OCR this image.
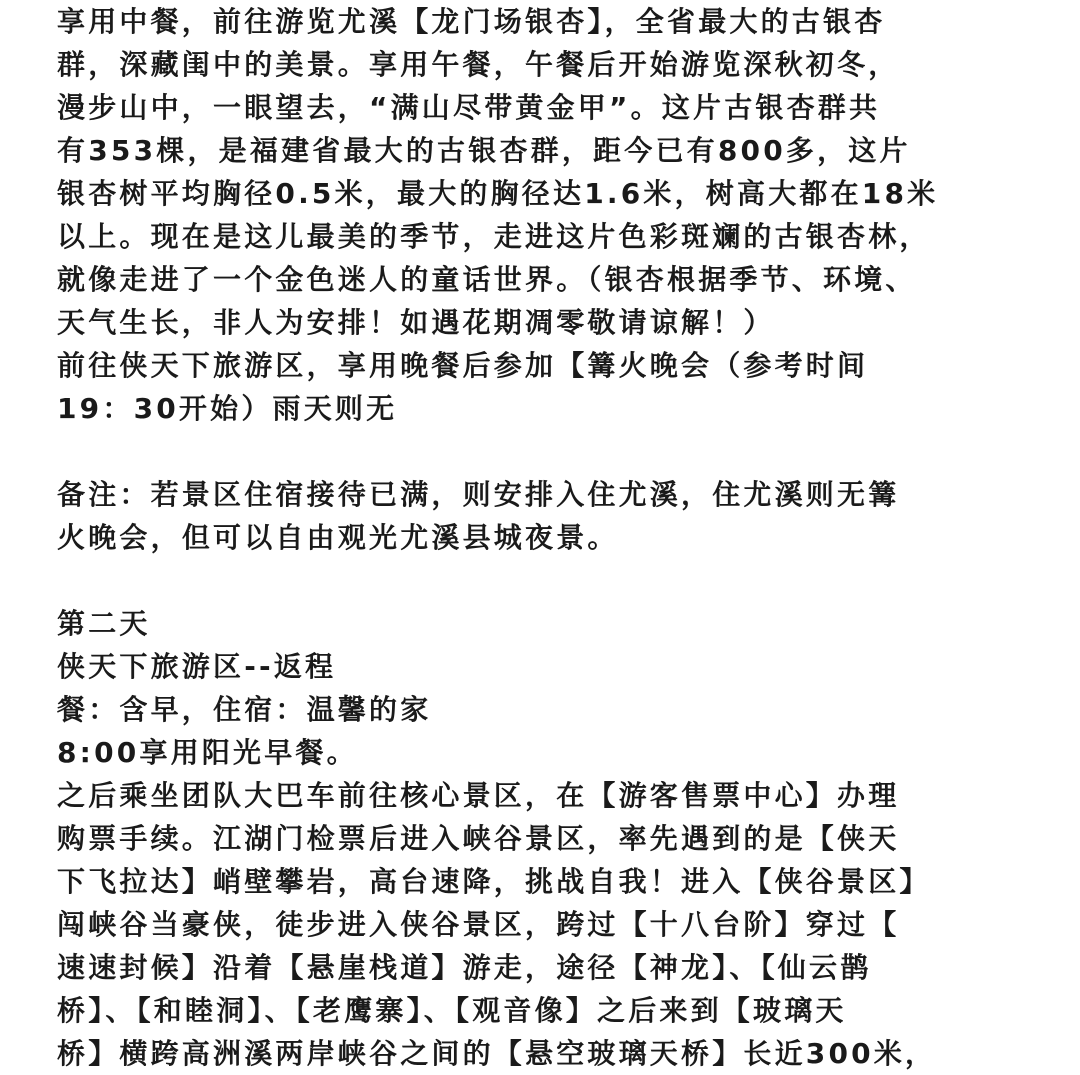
享用中餐，前往游览尤溪【龙门场银杏】，全省最大的古银杏
群，深藏闺中的美景。享用午餐，午餐后开始游览深秋初冬，
漫步山中，一眼望去，“满山尽带黄金甲”。这片古银杏群共
有353棵，是福建省最大的古银杏群，距今已有800多，这片
银杏树平均胸径0.5米，最大的胸径达1.6米，树高大都在18米
以上。现在是这儿最美的季节，走进这片色彩斑斓的古银杏林，
就像走进了一个金色迷人的童话世界。（银杏根据季节、环境、
天气生长，非人为安排！如遇花期凋零敬请谅解！）
前往侠天下旅游区，享用晚餐后参加【篝火晚会（参考时间
19：30开始）雨天则无
备注：若景区住宿接待已满，则安排入住尤溪，住尤溪则无篝
火晚会，但可以自由观光尤溪县城夜景。
第二天
侠天下旅游区--返程
餐：含早，住宿：温馨的家
8:00享用阳光早餐。
之后乘坐团队大巴车前往核心景区，在【游客售票中心】办理
购票手续。江湖门检票后进入峡谷景区，率先遇到的是【侠天
下飞拉达】峭壁攀岩，高台速降，挑战自我！进入【侠谷景区】
闯峡谷当豪侠，徒步进入侠谷景区，跨过【十八台阶】穿过【
速速封候】沿着【悬崖栈道】游走，途径【神龙】、【仙云鹊
桥】、【和睦洞】、【老鹰寨】、【观音像】之后来到【玻璃天
桥】横跨高洲溪两岸峡谷之间的【悬空玻璃天桥】长近300米，
